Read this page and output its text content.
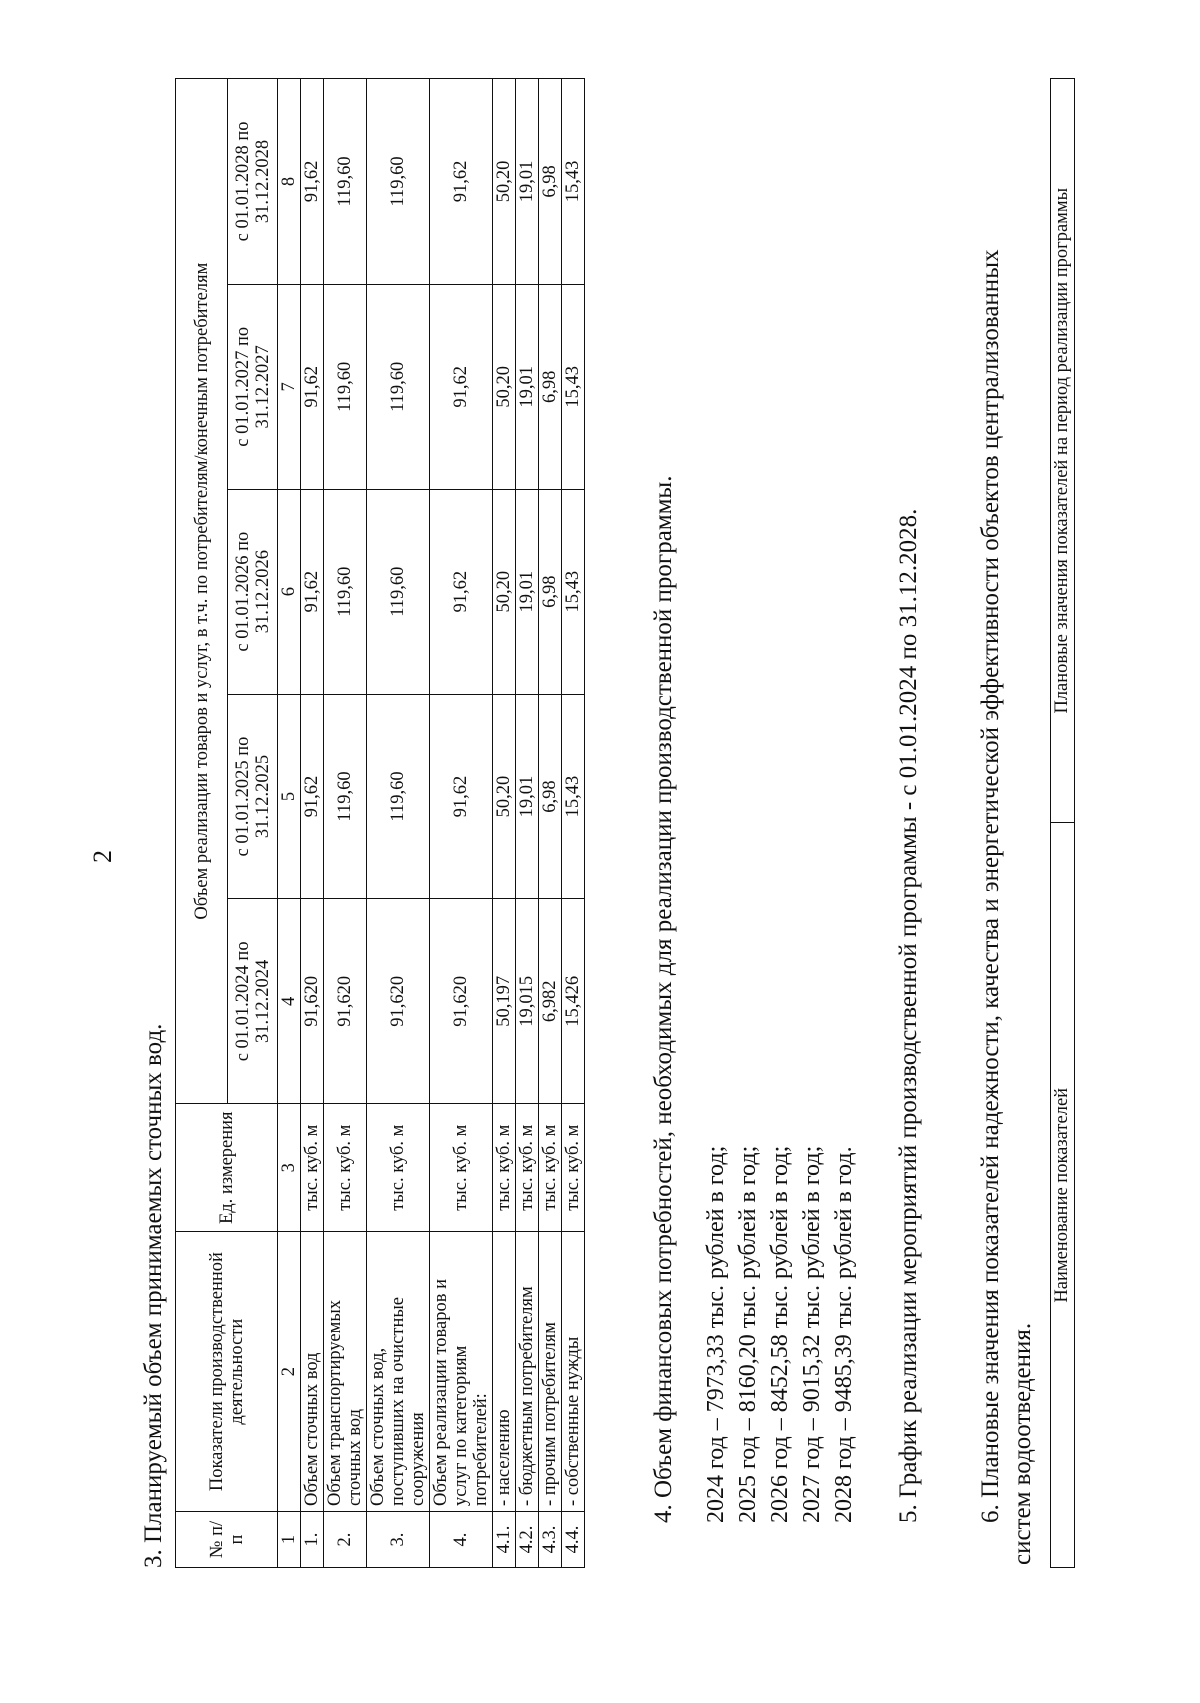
2
3. Планируемый объем принимаемых сточных вод. № п/п	Показатели производственной деятельности	Ед. измерения	Объем реализации товаров и услуг, в т.ч. по потребителям/конечным потребителям				
			с 01.01.2024 по 31.12.2024	с 01.01.2025 по 31.12.2025	с 01.01.2026 по 31.12.2026	с 01.01.2027 по 31.12.2027	с 01.01.2028 по 31.12.2028
1	2	3	4	5	6	7	8
1.	Объем сточных вод	тыс. куб. м	91,620	91,62	91,62	91,62	91,62
2.	Объем транспортируемых сточных вод	тыс. куб. м	91,620	119,60	119,60	119,60	119,60
3.	Объем сточных вод, поступивших на очистные сооружения	тыс. куб. м	91,620	119,60	119,60	119,60	119,60
4.	Объем реализации товаров и услуг по категориям потребителей:	тыс. куб. м	91,620	91,62	91,62	91,62	91,62
4.1.	- населению	тыс. куб. м	50,197	50,20	50,20	50,20	50,20
4.2.	- бюджетным потребителям	тыс. куб. м	19,015	19,01	19,01	19,01	19,01
4.3.	- прочим потребителям	тыс. куб. м	6,982	6,98	6,98	6,98	6,98
4.4.	- собственные нужды	тыс. куб. м	15,426	15,43	15,43	15,43	15,43
4. Объем финансовых потребностей, необходимых для реализации производственной программы. 2024 год – 7973,33 тыс. рублей в год; 2025 год – 8160,20 тыс. рублей в год; 2026 год – 8452,58 тыс. рублей в год; 2027 год – 9015,32 тыс. рублей в год; 2028 год – 9485,39 тыс. рублей в год. 5. График реализации мероприятий производственной программы - с 01.01.2024 по 31.12.2028. 6. Плановые значения показателей надежности, качества и энергетической эффективности объектов централизованных систем водоотведения.
Наименование показателей	Плановые значения показателей на период реализации программы
